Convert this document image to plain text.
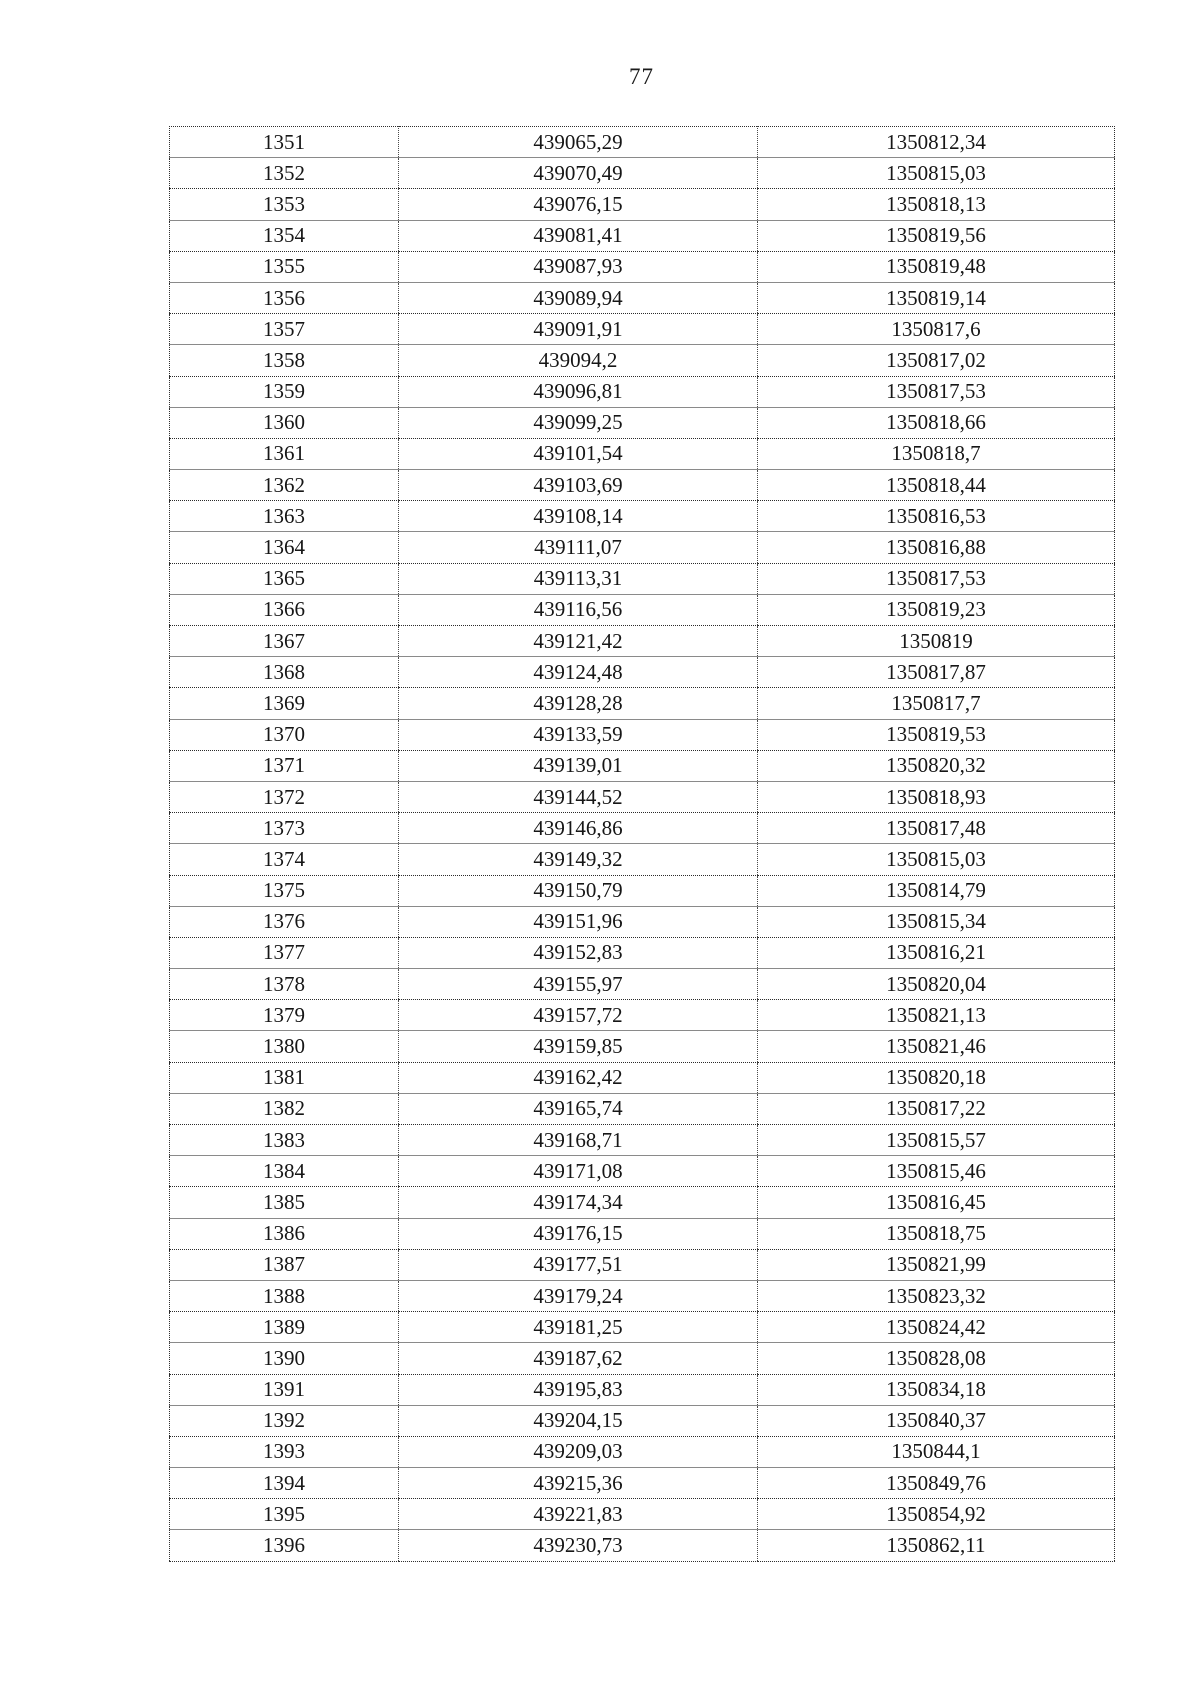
77
1351	439065,29	1350812,34
1352	439070,49	1350815,03
1353	439076,15	1350818,13
1354	439081,41	1350819,56
1355	439087,93	1350819,48
1356	439089,94	1350819,14
1357	439091,91	1350817,6
1358	439094,2	1350817,02
1359	439096,81	1350817,53
1360	439099,25	1350818,66
1361	439101,54	1350818,7
1362	439103,69	1350818,44
1363	439108,14	1350816,53
1364	439111,07	1350816,88
1365	439113,31	1350817,53
1366	439116,56	1350819,23
1367	439121,42	1350819
1368	439124,48	1350817,87
1369	439128,28	1350817,7
1370	439133,59	1350819,53
1371	439139,01	1350820,32
1372	439144,52	1350818,93
1373	439146,86	1350817,48
1374	439149,32	1350815,03
1375	439150,79	1350814,79
1376	439151,96	1350815,34
1377	439152,83	1350816,21
1378	439155,97	1350820,04
1379	439157,72	1350821,13
1380	439159,85	1350821,46
1381	439162,42	1350820,18
1382	439165,74	1350817,22
1383	439168,71	1350815,57
1384	439171,08	1350815,46
1385	439174,34	1350816,45
1386	439176,15	1350818,75
1387	439177,51	1350821,99
1388	439179,24	1350823,32
1389	439181,25	1350824,42
1390	439187,62	1350828,08
1391	439195,83	1350834,18
1392	439204,15	1350840,37
1393	439209,03	1350844,1
1394	439215,36	1350849,76
1395	439221,83	1350854,92
1396	439230,73	1350862,11
